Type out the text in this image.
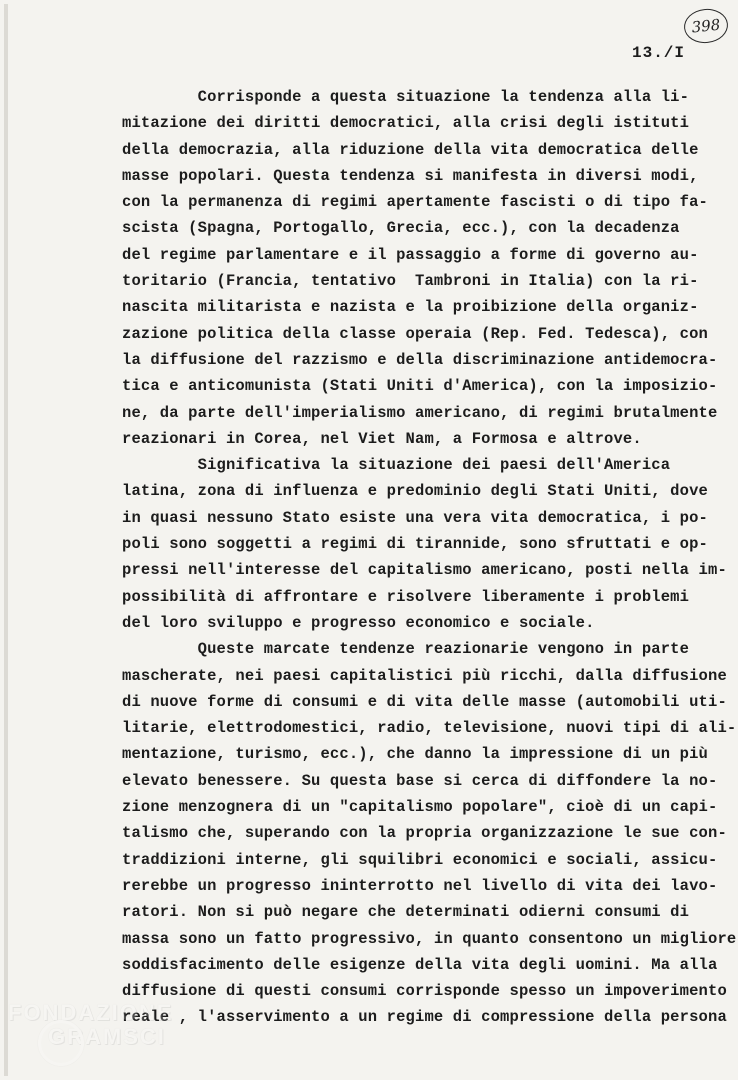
398
13./I
Corrisponde a questa situazione la tendenza alla li-
mitazione dei diritti democratici, alla crisi degli istituti
della democrazia, alla riduzione della vita democratica delle
masse popolari. Questa tendenza si manifesta in diversi modi,
con la permanenza di regimi apertamente fascisti o di tipo fa-
scista (Spagna, Portogallo, Grecia, ecc.), con la decadenza
del regime parlamentare e il passaggio a forme di governo au-
toritario (Francia, tentativo  Tambroni in Italia) con la ri-
nascita militarista e nazista e la proibizione della organiz-
zazione politica della classe operaia (Rep. Fed. Tedesca), con
la diffusione del razzismo e della discriminazione antidemocra-
tica e anticomunista (Stati Uniti d'America), con la imposizio-
ne, da parte dell'imperialismo americano, di regimi brutalmente
reazionari in Corea, nel Viet Nam, a Formosa e altrove.
Significativa la situazione dei paesi dell'America
latina, zona di influenza e predominio degli Stati Uniti, dove
in quasi nessuno Stato esiste una vera vita democratica, i po-
poli sono soggetti a regimi di tirannide, sono sfruttati e op-
pressi nell'interesse del capitalismo americano, posti nella im-
possibilità di affrontare e risolvere liberamente i problemi
del loro sviluppo e progresso economico e sociale.
Queste marcate tendenze reazionarie vengono in parte
mascherate, nei paesi capitalistici più ricchi, dalla diffusione
di nuove forme di consumi e di vita delle masse (automobili uti-
litarie, elettrodomestici, radio, televisione, nuovi tipi di ali-
mentazione, turismo, ecc.), che danno la impressione di un più
elevato benessere. Su questa base si cerca di diffondere la no-
zione menzognera di un "capitalismo popolare", cioè di un capi-
talismo che, superando con la propria organizzazione le sue con-
traddizioni interne, gli squilibri economici e sociali, assicu-
rerebbe un progresso ininterrotto nel livello di vita dei lavo-
ratori. Non si può negare che determinati odierni consumi di
massa sono un fatto progressivo, in quanto consentono un migliore
soddisfacimento delle esigenze della vita degli uomini. Ma alla
diffusione di questi consumi corrisponde spesso un impoverimento
reale , l'asservimento a un regime di compressione della persona
FONDAZIONE
GRAMSCI
